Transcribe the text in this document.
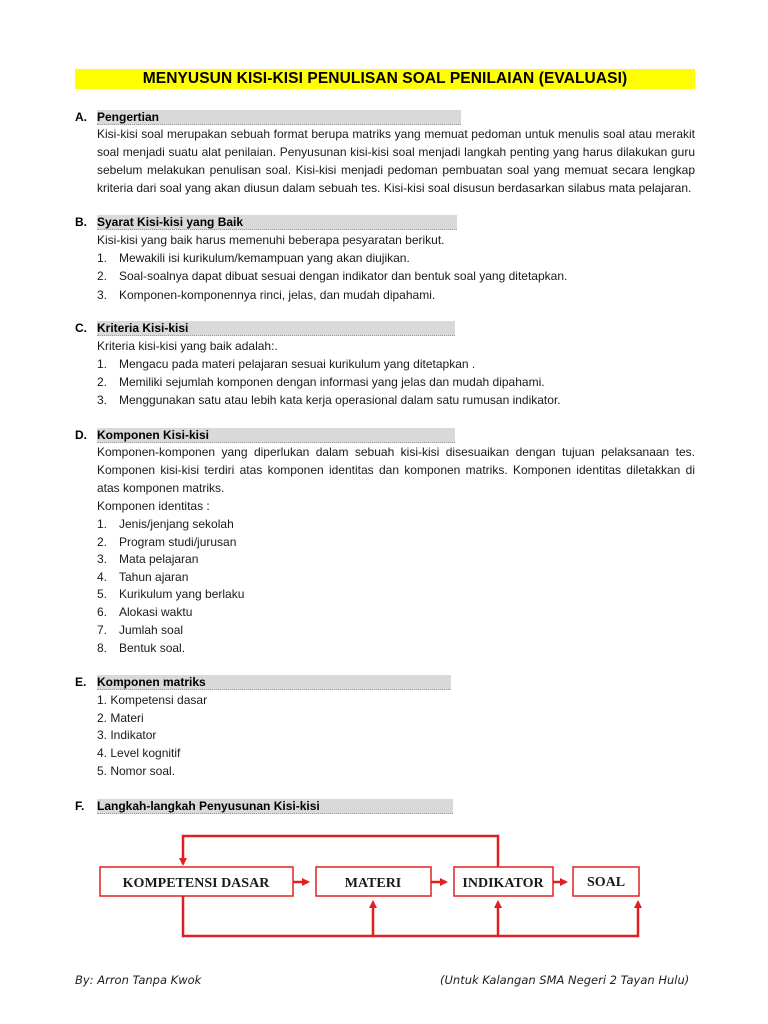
MENYUSUN KISI-KISI PENULISAN SOAL PENILAIAN (EVALUASI)
A. Pengertian

Kisi-kisi soal merupakan sebuah format berupa matriks yang memuat pedoman untuk menulis soal atau merakit soal menjadi suatu alat penilaian. Penyusunan kisi-kisi soal menjadi langkah penting yang harus dilakukan guru sebelum melakukan penulisan soal. Kisi-kisi menjadi pedoman pembuatan soal yang memuat secara lengkap kriteria dari soal yang akan diusun dalam sebuah tes. Kisi-kisi soal disusun berdasarkan silabus mata pelajaran.

B. Syarat Kisi-kisi yang Baik
Kisi-kisi yang baik harus memenuhi beberapa pesyaratan berikut.
1. Mewakili isi kurikulum/kemampuan yang akan diujikan.
2. Soal-soalnya dapat dibuat sesuai dengan indikator dan bentuk soal yang ditetapkan.
3. Komponen-komponennya rinci, jelas, dan mudah dipahami.
C. Kriteria Kisi-kisi
Kriteria kisi-kisi yang baik adalah:.
1. Mengacu pada materi pelajaran sesuai kurikulum yang ditetapkan .
2. Memiliki sejumlah komponen dengan informasi yang jelas dan mudah dipahami.
3. Menggunakan satu atau lebih kata kerja operasional dalam satu rumusan indikator.
D. Komponen Kisi-kisi

Komponen-komponen yang diperlukan dalam sebuah kisi-kisi disesuaikan dengan tujuan pelaksanaan tes. Komponen kisi-kisi terdiri atas komponen identitas dan komponen matriks. Komponen identitas diletakkan di atas komponen matriks.

Komponen identitas :
1. Jenis/jenjang sekolah
2. Program studi/jurusan
3. Mata pelajaran
4. Tahun ajaran
5. Kurikulum yang berlaku
6. Alokasi waktu
7. Jumlah soal
8. Bentuk soal.
E. Komponen matriks
1. Kompetensi dasar
2. Materi
3. Indikator
4. Level kognitif
5. Nomor soal.
F. Langkah-langkah Penyusunan Kisi-kisi
KOMPETENSI DASAR	MATERI	INDIKATOR	SOAL
By: Arron Tanpa Kwok	(Untuk Kalangan SMA Negeri 2 Tayan Hulu)
